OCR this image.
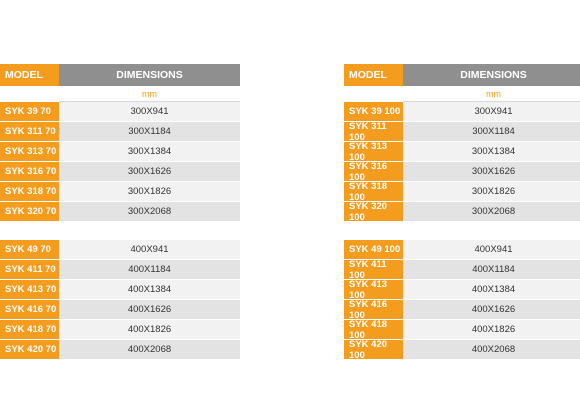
MODEL	DIMENSIONS
mm
SYK 39 70	300X941
SYK 311 70	300X1184
SYK 313 70	300X1384
SYK 316 70	300X1626
SYK 318 70	300X1826
SYK 320 70	300X2068
SYK 49 70	400X941
SYK 411 70	400X1184
SYK 413 70	400X1384
SYK 416 70	400X1626
SYK 418 70	400X1826
SYK 420 70	400X2068
MODEL	DIMENSIONS
mm
SYK 39 100	300X941
SYK 311 100	300X1184
SYK 313 100	300X1384
SYK 316 100	300X1626
SYK 318 100	300X1826
SYK 320 100	300X2068
SYK 49 100	400X941
SYK 411 100	400X1184
SYK 413 100	400X1384
SYK 416 100	400X1626
SYK 418 100	400X1826
SYK 420 100	400X2068
